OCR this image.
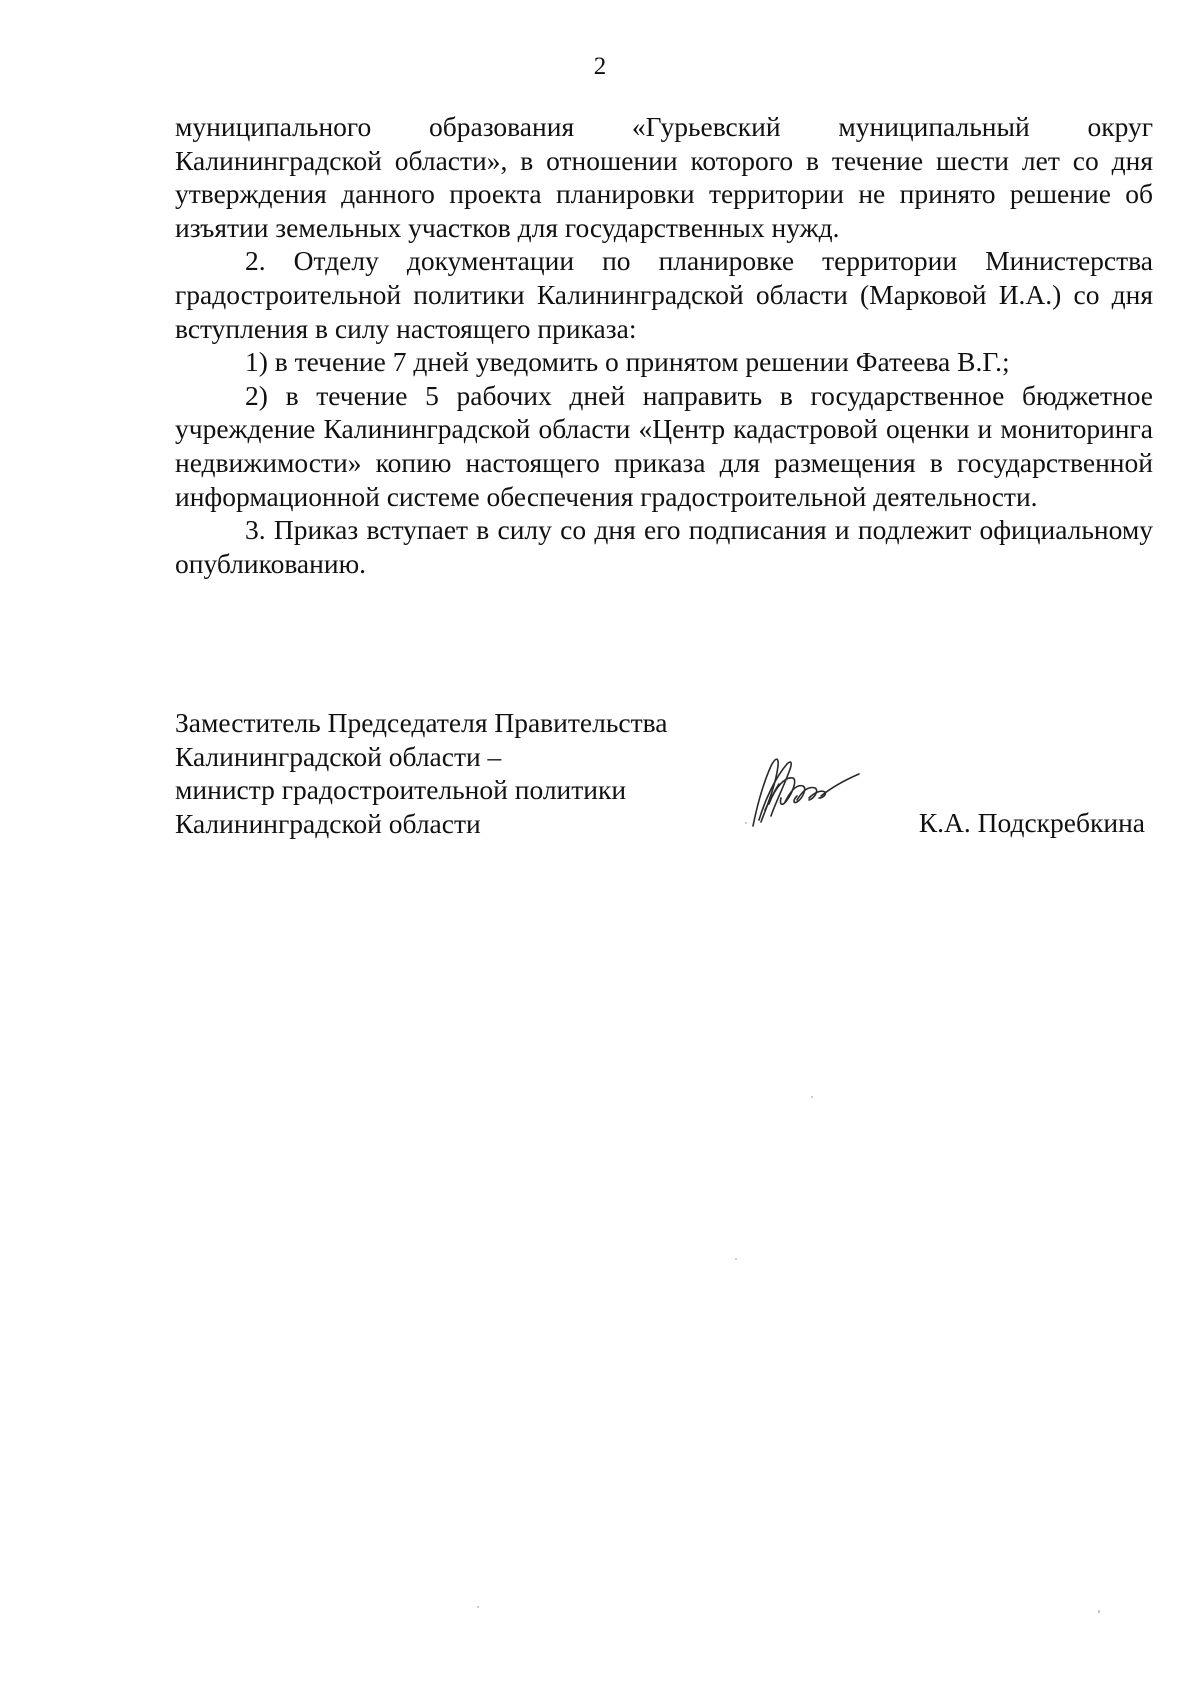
2

муниципального образования «Гурьевский муниципальный округ Калининградской области», в отношении которого в течение шести лет со дня утверждения данного проекта планировки территории не принято решение об изъятии земельных участков для государственных нужд.

2. Отделу документации по планировке территории Министерства градостроительной политики Калининградской области (Марковой И.А.) со дня вступления в силу настоящего приказа:

1) в течение 7 дней уведомить о принятом решении Фатеева В.Г.;

2) в течение 5 рабочих дней направить в государственное бюджетное учреждение Калининградской области «Центр кадастровой оценки и мониторинга недвижимости» копию настоящего приказа для размещения в государственной информационной системе обеспечения градостроительной деятельности.

3. Приказ вступает в силу со дня его подписания и подлежит официальному опубликованию.

Заместитель Председателя Правительства
Калининградской области –
министр градостроительной политики
Калининградской области	К.А. Подскребкина
